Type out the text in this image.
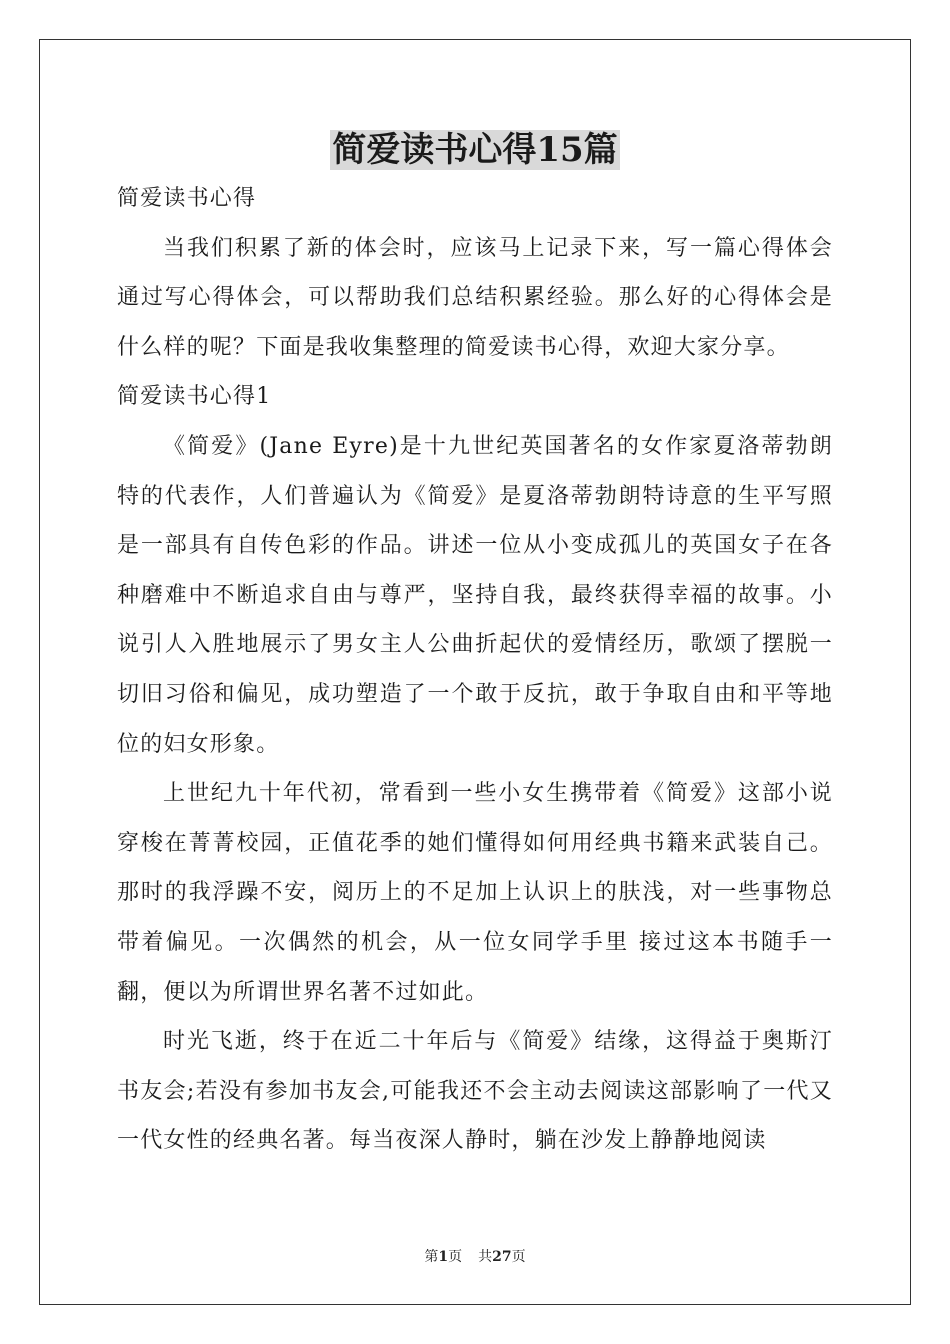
简爱读书心得15篇

简爱读书心得

当我们积累了新的体会时，应该马上记录下来，写一篇心得体会通过写心得体会，可以帮助我们总结积累经验。那么好的心得体会是什么样的呢？下面是我收集整理的简爱读书心得，欢迎大家分享。

简爱读书心得1

《简爱》(Jane Eyre)是十九世纪英国著名的女作家夏洛蒂勃朗特的代表作，人们普遍认为《简爱》是夏洛蒂勃朗特诗意的生平写照是一部具有自传色彩的作品。讲述一位从小变成孤儿的英国女子在各种磨难中不断追求自由与尊严，坚持自我，最终获得幸福的故事。小说引人入胜地展示了男女主人公曲折起伏的爱情经历，歌颂了摆脱一切旧习俗和偏见，成功塑造了一个敢于反抗，敢于争取自由和平等地位的妇女形象。

上世纪九十年代初，常看到一些小女生携带着《简爱》这部小说穿梭在菁菁校园，正值花季的她们懂得如何用经典书籍来武装自己。那时的我浮躁不安，阅历上的不足加上认识上的肤浅，对一些事物总带着偏见。一次偶然的机会，从一位女同学手里 接过这本书随手一翻，便以为所谓世界名著不过如此。

时光飞逝，终于在近二十年后与《简爱》结缘，这得益于奥斯汀书友会;若没有参加书友会,可能我还不会主动去阅读这部影响了一代又一代女性的经典名著。每当夜深人静时，躺在沙发上静静地阅读

第1页 共27页
